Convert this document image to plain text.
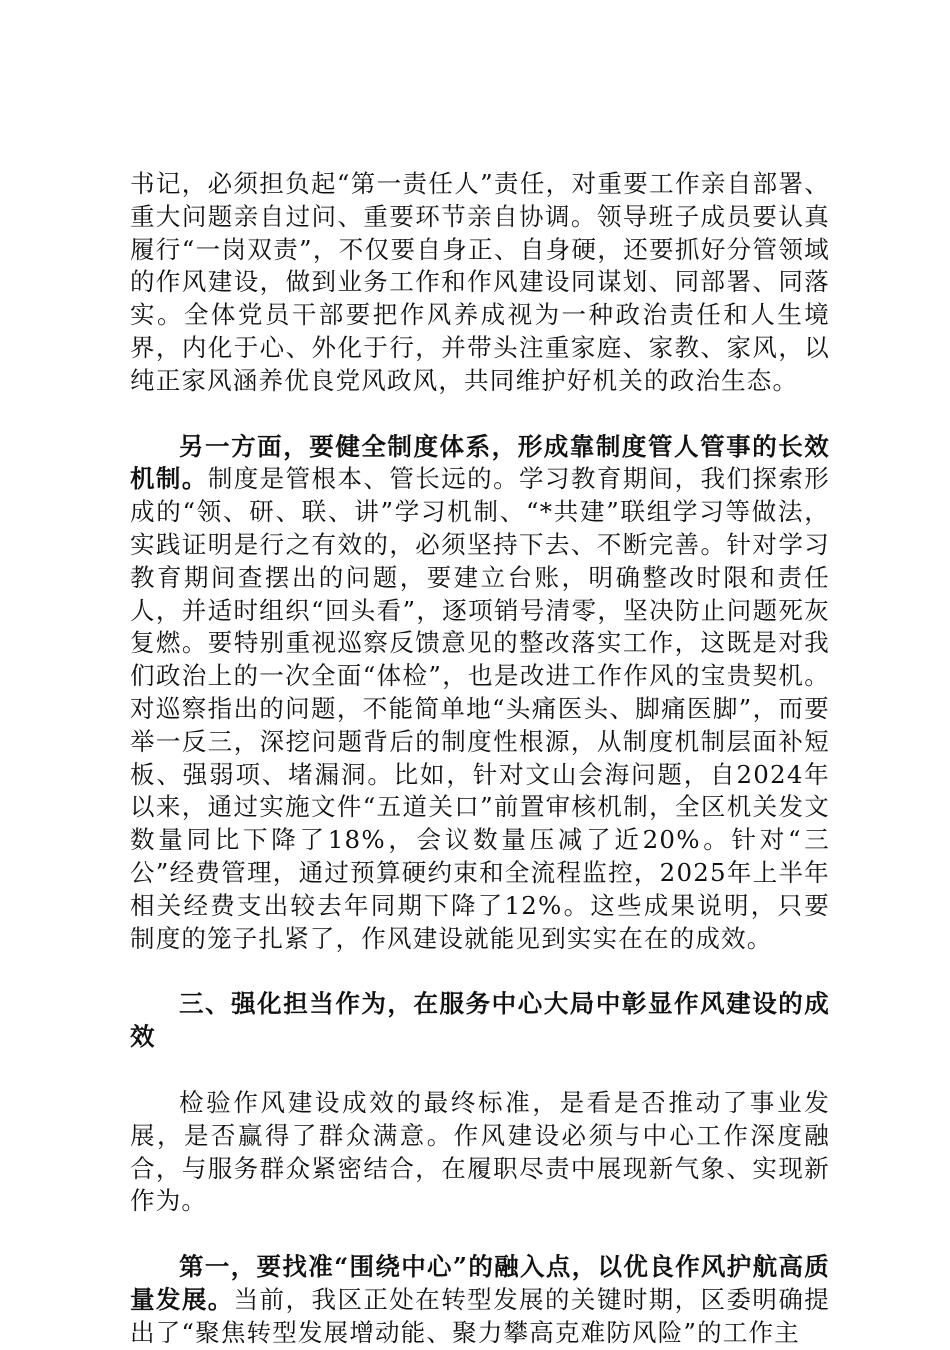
书记，必须担负起“第一责任人”责任，对重要工作亲自部署、重大问题亲自过问、重要环节亲自协调。领导班子成员要认真履行“一岗双责”，不仅要自身正、自身硬，还要抓好分管领域的作风建设，做到业务工作和作风建设同谋划、同部署、同落实。全体党员干部要把作风养成视为一种政治责任和人生境界，内化于心、外化于行，并带头注重家庭、家教、家风，以纯正家风涵养优良党风政风，共同维护好机关的政治生态。

另一方面，要健全制度体系，形成靠制度管人管事的长效机制。制度是管根本、管长远的。学习教育期间，我们探索形成的“领、研、联、讲”学习机制、“*共建”联组学习等做法，实践证明是行之有效的，必须坚持下去、不断完善。针对学习教育期间查摆出的问题，要建立台账，明确整改时限和责任人，并适时组织“回头看”，逐项销号清零，坚决防止问题死灰复燃。要特别重视巡察反馈意见的整改落实工作，这既是对我们政治上的一次全面“体检”，也是改进工作作风的宝贵契机。对巡察指出的问题，不能简单地“头痛医头、脚痛医脚”，而要举一反三，深挖问题背后的制度性根源，从制度机制层面补短板、强弱项、堵漏洞。比如，针对文山会海问题，自2024年以来，通过实施文件“五道关口”前置审核机制，全区机关发文数量同比下降了18%，会议数量压减了近20%。针对“三公”经费管理，通过预算硬约束和全流程监控，2025年上半年相关经费支出较去年同期下降了12%。这些成果说明，只要制度的笼子扎紧了，作风建设就能见到实实在在的成效。

三、强化担当作为，在服务中心大局中彰显作风建设的成效

检验作风建设成效的最终标准，是看是否推动了事业发展，是否赢得了群众满意。作风建设必须与中心工作深度融合，与服务群众紧密结合，在履职尽责中展现新气象、实现新作为。

第一，要找准“围绕中心”的融入点，以优良作风护航高质量发展。当前，我区正处在转型发展的关键时期，区委明确提出了“聚焦转型发展增动能、聚力攀高克难防风险”的工作主
